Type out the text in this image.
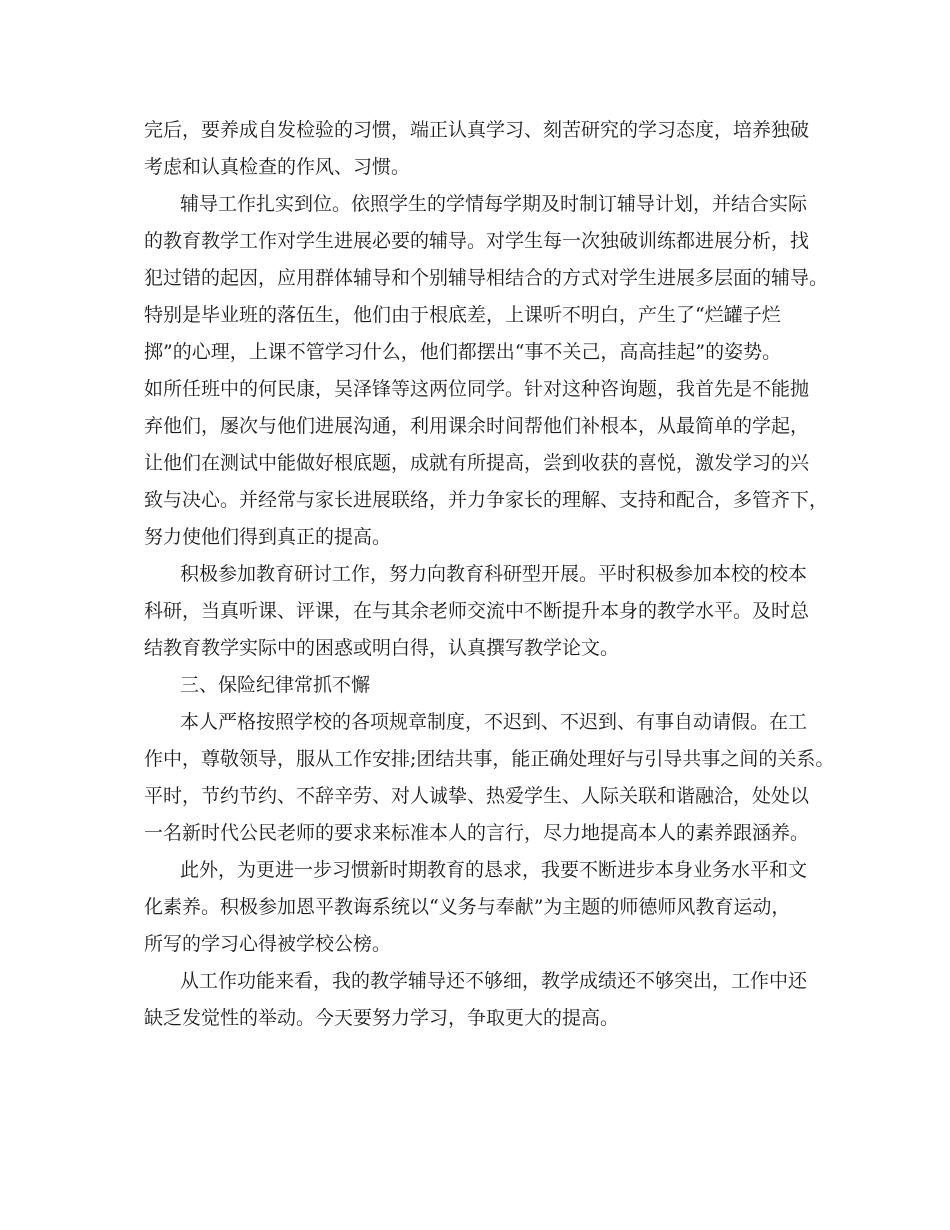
完后，要养成自发检验的习惯，端正认真学习、刻苦研究的学习态度，培养独破
考虑和认真检查的作风、习惯。
辅导工作扎实到位。依照学生的学情每学期及时制订辅导计划，并结合实际
的教育教学工作对学生进展必要的辅导。对学生每一次独破训练都进展分析，找
犯过错的起因，应用群体辅导和个别辅导相结合的方式对学生进展多层面的辅导。
特别是毕业班的落伍生，他们由于根底差，上课听不明白，产生了“烂罐子烂
掷”的心理，上课不管学习什么，他们都摆出“事不关己，高高挂起”的姿势。
如所任班中的何民康，吴泽锋等这两位同学。针对这种咨询题，我首先是不能抛
弃他们，屡次与他们进展沟通，利用课余时间帮他们补根本，从最简单的学起，
让他们在测试中能做好根底题，成就有所提高，尝到收获的喜悦，激发学习的兴
致与决心。并经常与家长进展联络，并力争家长的理解、支持和配合，多管齐下，
努力使他们得到真正的提高。
积极参加教育研讨工作，努力向教育科研型开展。平时积极参加本校的校本
科研，当真听课、评课，在与其余老师交流中不断提升本身的教学水平。及时总
结教育教学实际中的困惑或明白得，认真撰写教学论文。
三、保险纪律常抓不懈
本人严格按照学校的各项规章制度，不迟到、不迟到、有事自动请假。在工
作中，尊敬领导，服从工作安排;团结共事，能正确处理好与引导共事之间的关系。
平时，节约节约、不辞辛劳、对人诚挚、热爱学生、人际关联和谐融洽，处处以
一名新时代公民老师的要求来标准本人的言行，尽力地提高本人的素养跟涵养。
此外，为更进一步习惯新时期教育的恳求，我要不断进步本身业务水平和文
化素养。积极参加恩平教诲系统以“义务与奉献”为主题的师德师风教育运动，
所写的学习心得被学校公榜。
从工作功能来看，我的教学辅导还不够细，教学成绩还不够突出，工作中还
缺乏发觉性的举动。今天要努力学习，争取更大的提高。
